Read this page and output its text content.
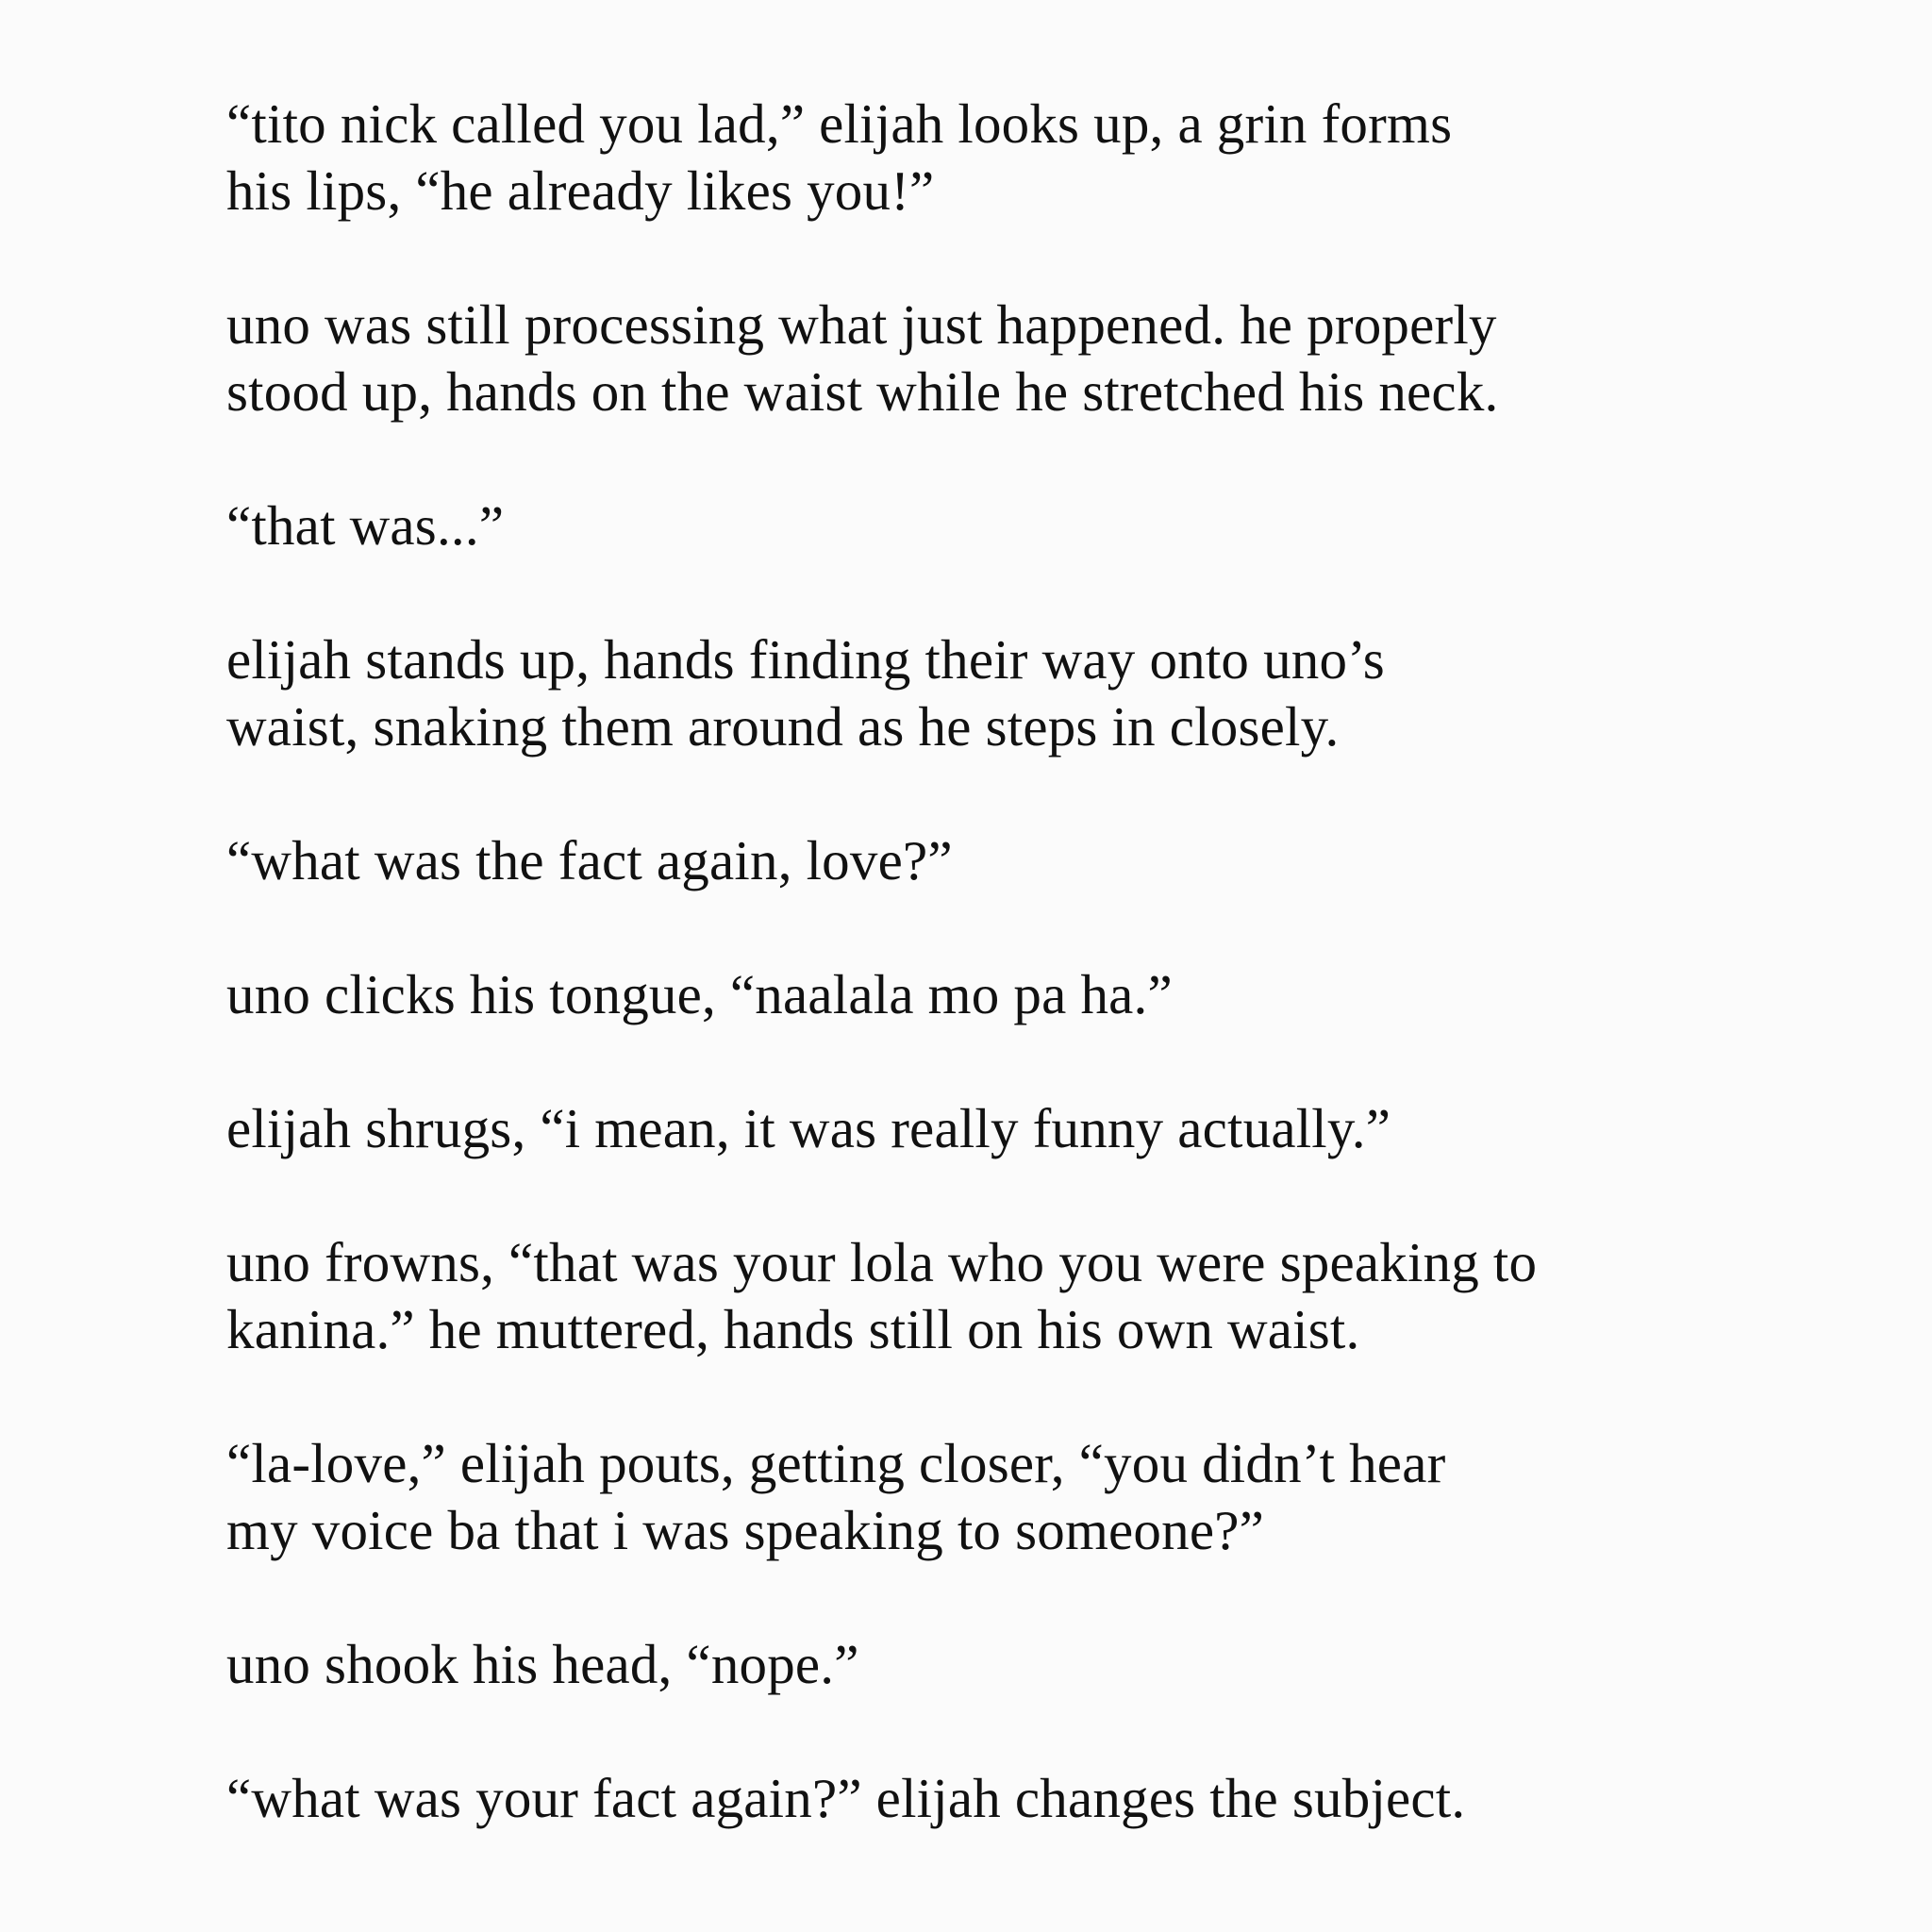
“tito nick called you lad,” elijah looks up, a grin forms
his lips, “he already likes you!”

uno was still processing what just happened. he properly
stood up, hands on the waist while he stretched his neck.

“that was...”

elijah stands up, hands finding their way onto uno’s
waist, snaking them around as he steps in closely.

“what was the fact again, love?”

uno clicks his tongue, “naalala mo pa ha.”

elijah shrugs, “i mean, it was really funny actually.”

uno frowns, “that was your lola who you were speaking to
kanina.” he muttered, hands still on his own waist.

“la-love,” elijah pouts, getting closer, “you didn’t hear
my voice ba that i was speaking to someone?”

uno shook his head, “nope.”

“what was your fact again?” elijah changes the subject.
